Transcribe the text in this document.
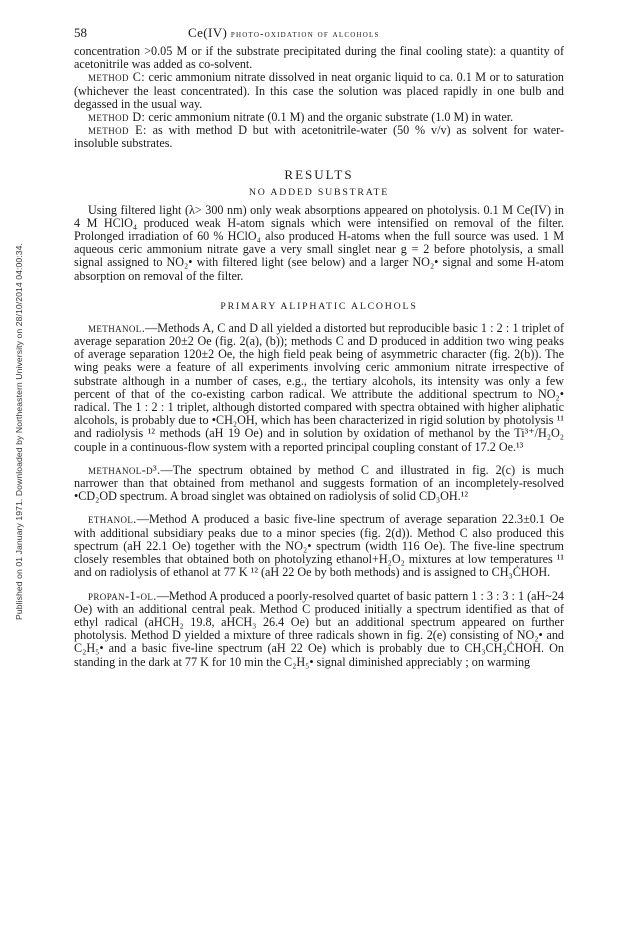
Published on 01 January 1971. Downloaded by Northeastern University on 28/10/2014 04:00:34.
58	Ce(IV) photo-oxidation of alcohols

concentration >0.05 M or if the substrate precipitated during the final cooling state): a quantity of acetonitrile was added as co-solvent.

method C: ceric ammonium nitrate dissolved in neat organic liquid to ca. 0.1 M or to saturation (whichever the least concentrated). In this case the solution was placed rapidly in one bulb and degassed in the usual way.

method D: ceric ammonium nitrate (0.1 M) and the organic substrate (1.0 M) in water.

method E: as with method D but with acetonitrile-water (50 % v/v) as solvent for water-insoluble substrates.

RESULTS
NO ADDED SUBSTRATE

Using filtered light (λ> 300 nm) only weak absorptions appeared on photolysis. 0.1 M Ce(IV) in 4 M HClO₄ produced weak H-atom signals which were intensified on removal of the filter. Prolonged irradiation of 60 % HClO₄ also produced H-atoms when the full source was used. 1 M aqueous ceric ammonium nitrate gave a very small singlet near g = 2 before photolysis, a small signal assigned to NO₂• with filtered light (see below) and a larger NO₂• signal and some H-atom absorption on removal of the filter.

PRIMARY ALIPHATIC ALCOHOLS

methanol.—Methods A, C and D all yielded a distorted but reproducible basic 1 : 2 : 1 triplet of average separation 20±2 Oe (fig. 2(a), (b)); methods C and D produced in addition two wing peaks of average separation 120±2 Oe, the high field peak being of asymmetric character (fig. 2(b)). The wing peaks were a feature of all experiments involving ceric ammonium nitrate irrespective of substrate although in a number of cases, e.g., the tertiary alcohols, its intensity was only a few percent of that of the co-existing carbon radical. We attribute the additional spectrum to NO₂• radical. The 1 : 2 : 1 triplet, although distorted compared with spectra obtained with higher aliphatic alcohols, is probably due to •CH₂OH, which has been characterized in rigid solution by photolysis ¹¹ and radiolysis ¹² methods (aH 19 Oe) and in solution by oxidation of methanol by the Ti³⁺/H₂O₂ couple in a continuous-flow system with a reported principal coupling constant of 17.2 Oe.¹³

methanol-d³.—The spectrum obtained by method C and illustrated in fig. 2(c) is much narrower than that obtained from methanol and suggests formation of an incompletely-resolved •CD₂OD spectrum. A broad singlet was obtained on radiolysis of solid CD₃OH.¹²

ethanol.—Method A produced a basic five-line spectrum of average separation 22.3±0.1 Oe with additional subsidiary peaks due to a minor species (fig. 2(d)). Method C also produced this spectrum (aH 22.1 Oe) together with the NO₂• spectrum (width 116 Oe). The five-line spectrum closely resembles that obtained both on photolyzing ethanol+H₂O₂ mixtures at low temperatures ¹¹ and on radiolysis of ethanol at 77 K ¹² (aH 22 Oe by both methods) and is assigned to CH₃ĊHOH.

propan-1-ol.—Method A produced a poorly-resolved quartet of basic pattern 1 : 3 : 3 : 1 (aH~24 Oe) with an additional central peak. Method C produced initially a spectrum identified as that of ethyl radical (aHCH₂ 19.8, aHCH₃ 26.4 Oe) but an additional spectrum appeared on further photolysis. Method D yielded a mixture of three radicals shown in fig. 2(e) consisting of NO₂• and C₂H₅• and a basic five-line spectrum (aH 22 Oe) which is probably due to CH₃CH₂ĊHOH. On standing in the dark at 77 K for 10 min the C₂H₅• signal diminished appreciably ; on warming
